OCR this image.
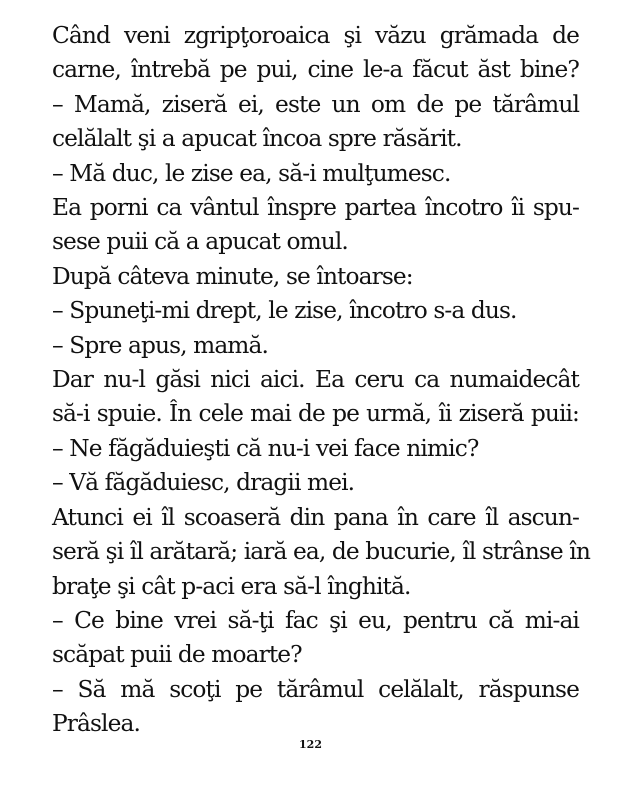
Când veni zgripţoroaica şi văzu grămada de
carne, întrebă pe pui, cine le-a făcut ăst bine?
– Mamă, ziseră ei, este un om de pe tărâmul
celălalt şi a apucat încoa spre răsărit.
– Mă duc, le zise ea, să-i mulţumesc.
Ea porni ca vântul înspre partea încotro îi spu-
sese puii că a apucat omul.
După câteva minute, se întoarse:
– Spuneţi-mi drept, le zise, încotro s-a dus.
– Spre apus, mamă.
Dar nu-l găsi nici aici. Ea ceru ca numaidecât
să-i spuie. În cele mai de pe urmă, îi ziseră puii:
– Ne făgăduieşti că nu-i vei face nimic?
– Vă făgăduiesc, dragii mei.
Atunci ei îl scoaseră din pana în care îl ascun-
seră şi îl arătară; iară ea, de bucurie, îl strânse în
braţe şi cât p-aci era să-l înghită.
– Ce bine vrei să-ţi fac şi eu, pentru că mi-ai
scăpat puii de moarte?
– Să mă scoţi pe tărâmul celălalt, răspunse
Prâslea.
122
